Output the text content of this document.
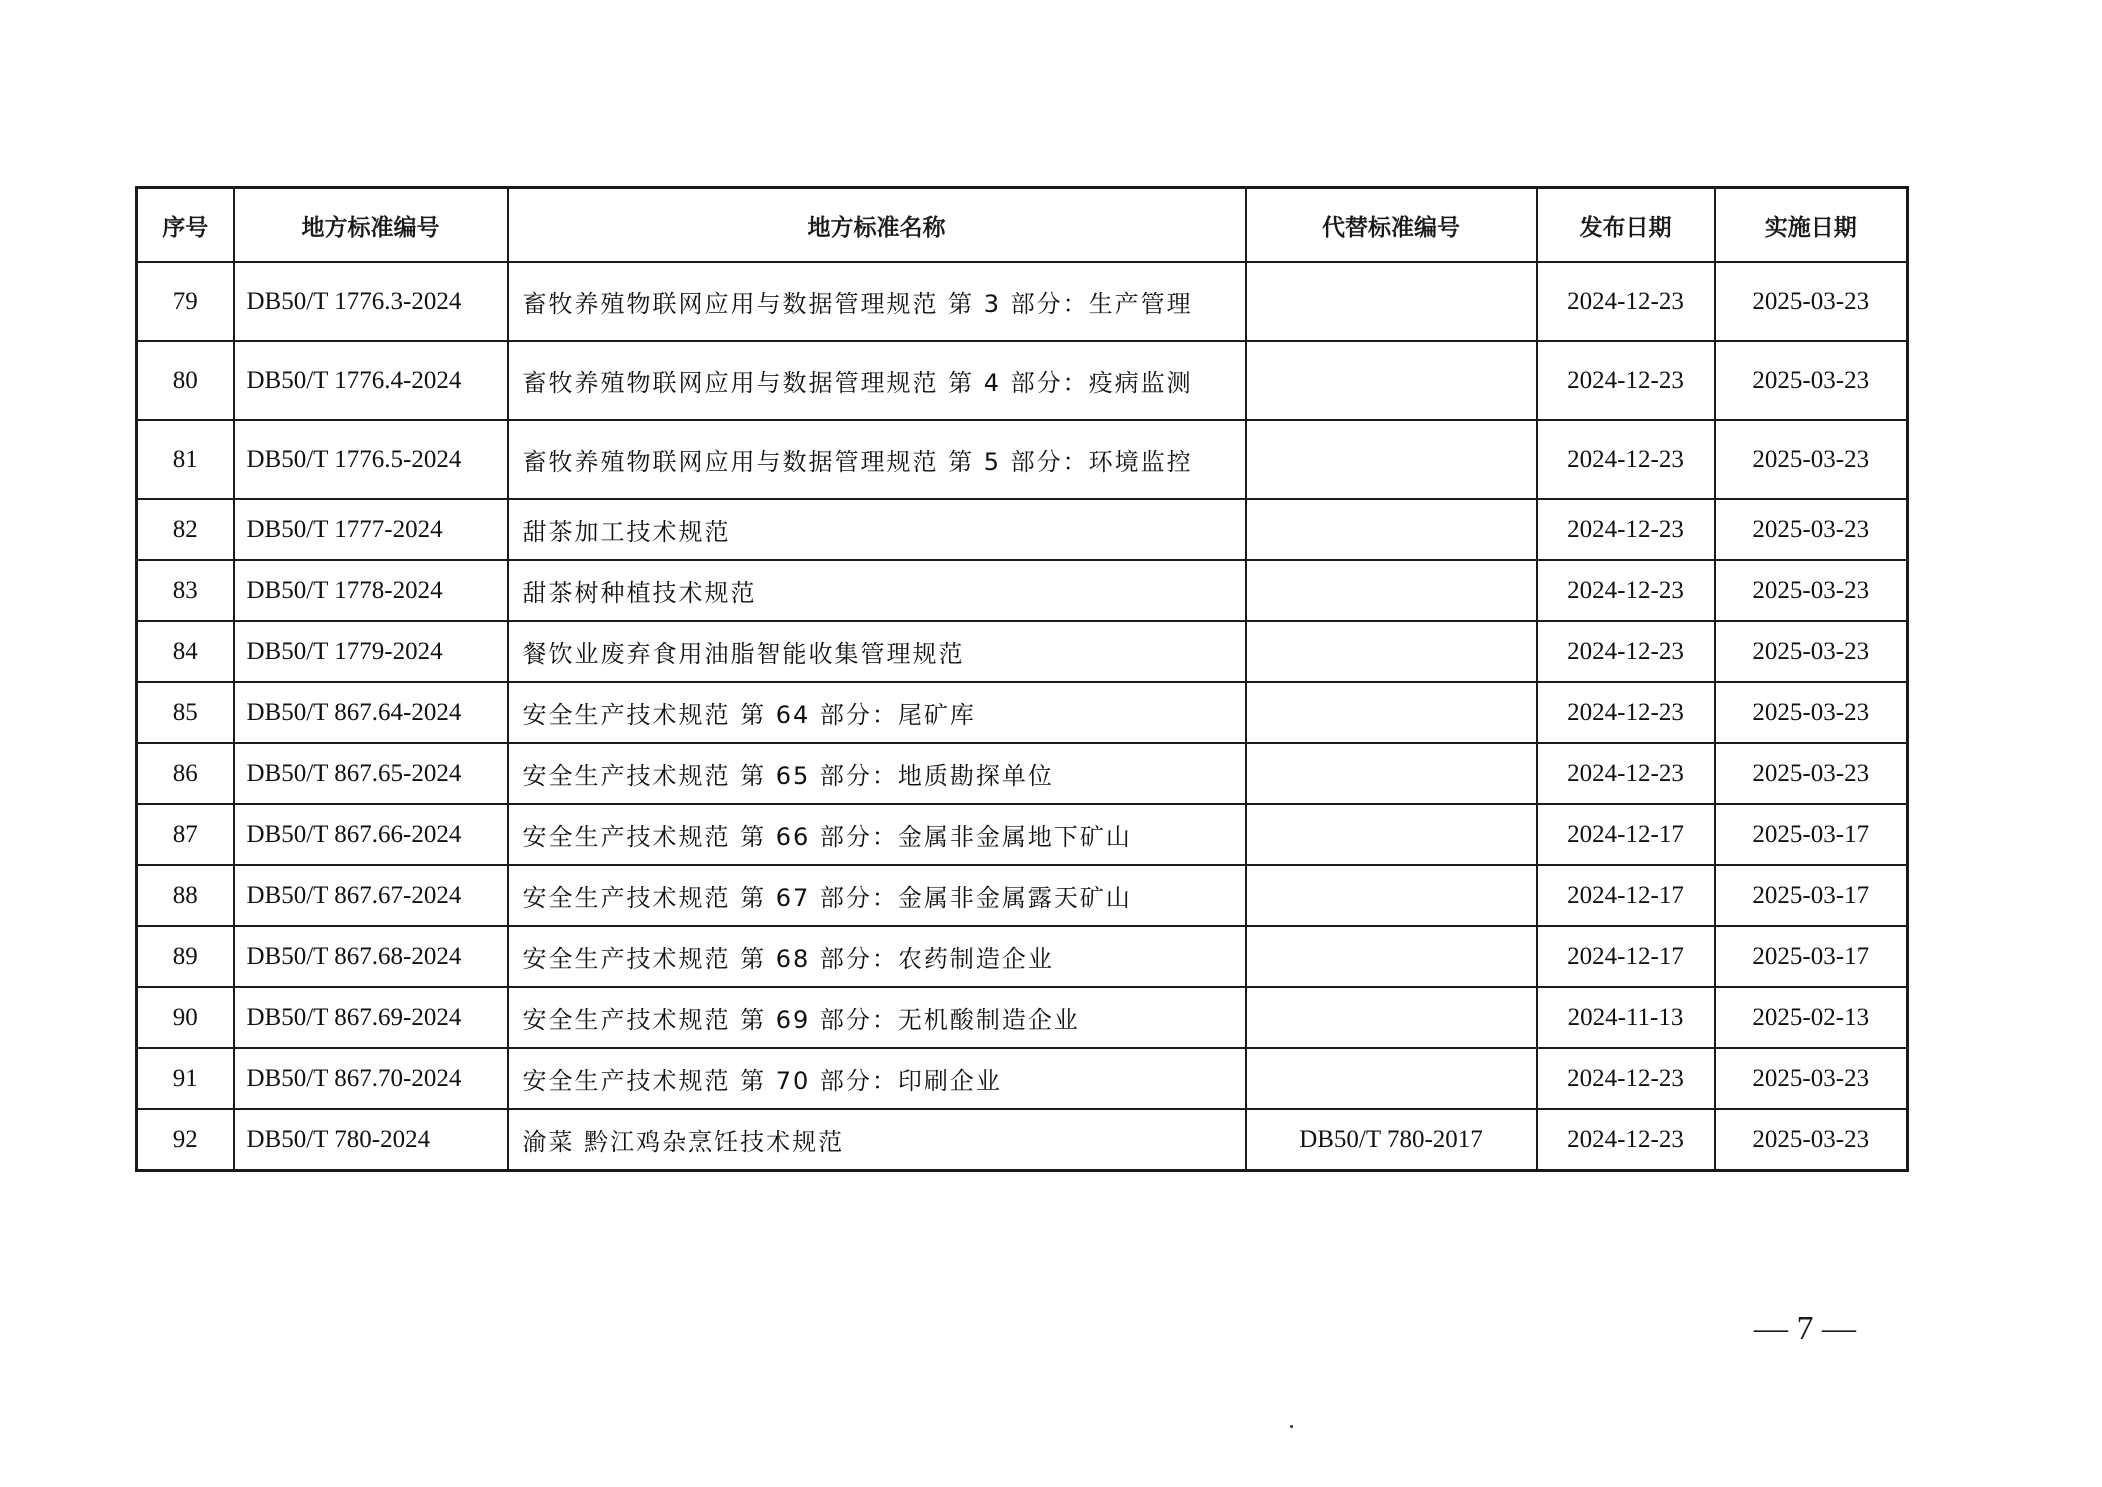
序号	地方标准编号	地方标准名称	代替标准编号	发布日期	实施日期
79	DB50/T 1776.3-2024	畜牧养殖物联网应用与数据管理规范 第 3 部分：生产管理		2024-12-23	2025-03-23
80	DB50/T 1776.4-2024	畜牧养殖物联网应用与数据管理规范 第 4 部分：疫病监测		2024-12-23	2025-03-23
81	DB50/T 1776.5-2024	畜牧养殖物联网应用与数据管理规范 第 5 部分：环境监控		2024-12-23	2025-03-23
82	DB50/T 1777-2024	甜茶加工技术规范		2024-12-23	2025-03-23
83	DB50/T 1778-2024	甜茶树种植技术规范		2024-12-23	2025-03-23
84	DB50/T 1779-2024	餐饮业废弃食用油脂智能收集管理规范		2024-12-23	2025-03-23
85	DB50/T 867.64-2024	安全生产技术规范 第 64 部分：尾矿库		2024-12-23	2025-03-23
86	DB50/T 867.65-2024	安全生产技术规范 第 65 部分：地质勘探单位		2024-12-23	2025-03-23
87	DB50/T 867.66-2024	安全生产技术规范 第 66 部分：金属非金属地下矿山		2024-12-17	2025-03-17
88	DB50/T 867.67-2024	安全生产技术规范 第 67 部分：金属非金属露天矿山		2024-12-17	2025-03-17
89	DB50/T 867.68-2024	安全生产技术规范 第 68 部分：农药制造企业		2024-12-17	2025-03-17
90	DB50/T 867.69-2024	安全生产技术规范 第 69 部分：无机酸制造企业		2024-11-13	2025-02-13
91	DB50/T 867.70-2024	安全生产技术规范 第 70 部分：印刷企业		2024-12-23	2025-03-23
92	DB50/T 780-2024	渝菜 黔江鸡杂烹饪技术规范	DB50/T 780-2017	2024-12-23	2025-03-23
— 7 —
